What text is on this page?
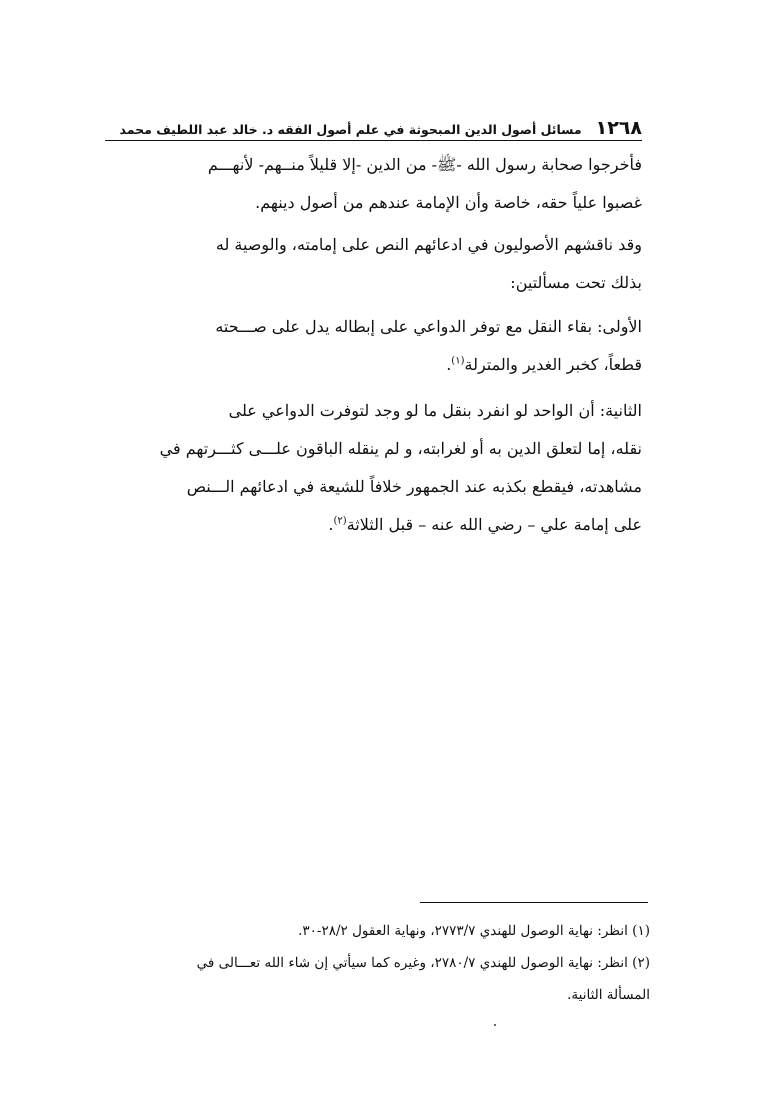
١٢٦٨
مسائل أصول الدين المبحوثة في علم أصول الفقه د. خالد عبد اللطيف محمد

فأخرجوا صحابة رسول الله -ﷺ- من الدين -إلا قليلاً منــهم- لأنهـــم
غصبوا علياً حقه، خاصة وأن الإمامة عندهم من أصول دينهم.

وقد ناقشهم الأصوليون في ادعائهم النص على إمامته، والوصية له
بذلك تحت مسألتين:

الأولى: بقاء النقل مع توفر الدواعي على إبطاله يدل على صـــحته
قطعاً، كخبر الغدير والمترلة$^{(١)}$.

الثانية: أن الواحد لو انفرد بنقل ما لو وجد لتوفرت الدواعي على
نقله، إما لتعلق الدين به أو لغرابته، و لم ينقله الباقون علـــى كثـــرتهم في
مشاهدته، فيقطع بكذبه عند الجمهور خلافاً للشيعة في ادعائهم الـــنص
على إمامة علي – رضي الله عنه – قبل الثلاثة$^{(٢)}$.

(١) انظر: نهاية الوصول للهندي ٢٧٧٣/٧، ونهاية العقول ٢٨/٢-٣٠.
(٢) انظر: نهاية الوصول للهندي ٢٧٨٠/٧، وغيره كما سيأتي إن شاء الله تعـــالى في
المسألة الثانية.
